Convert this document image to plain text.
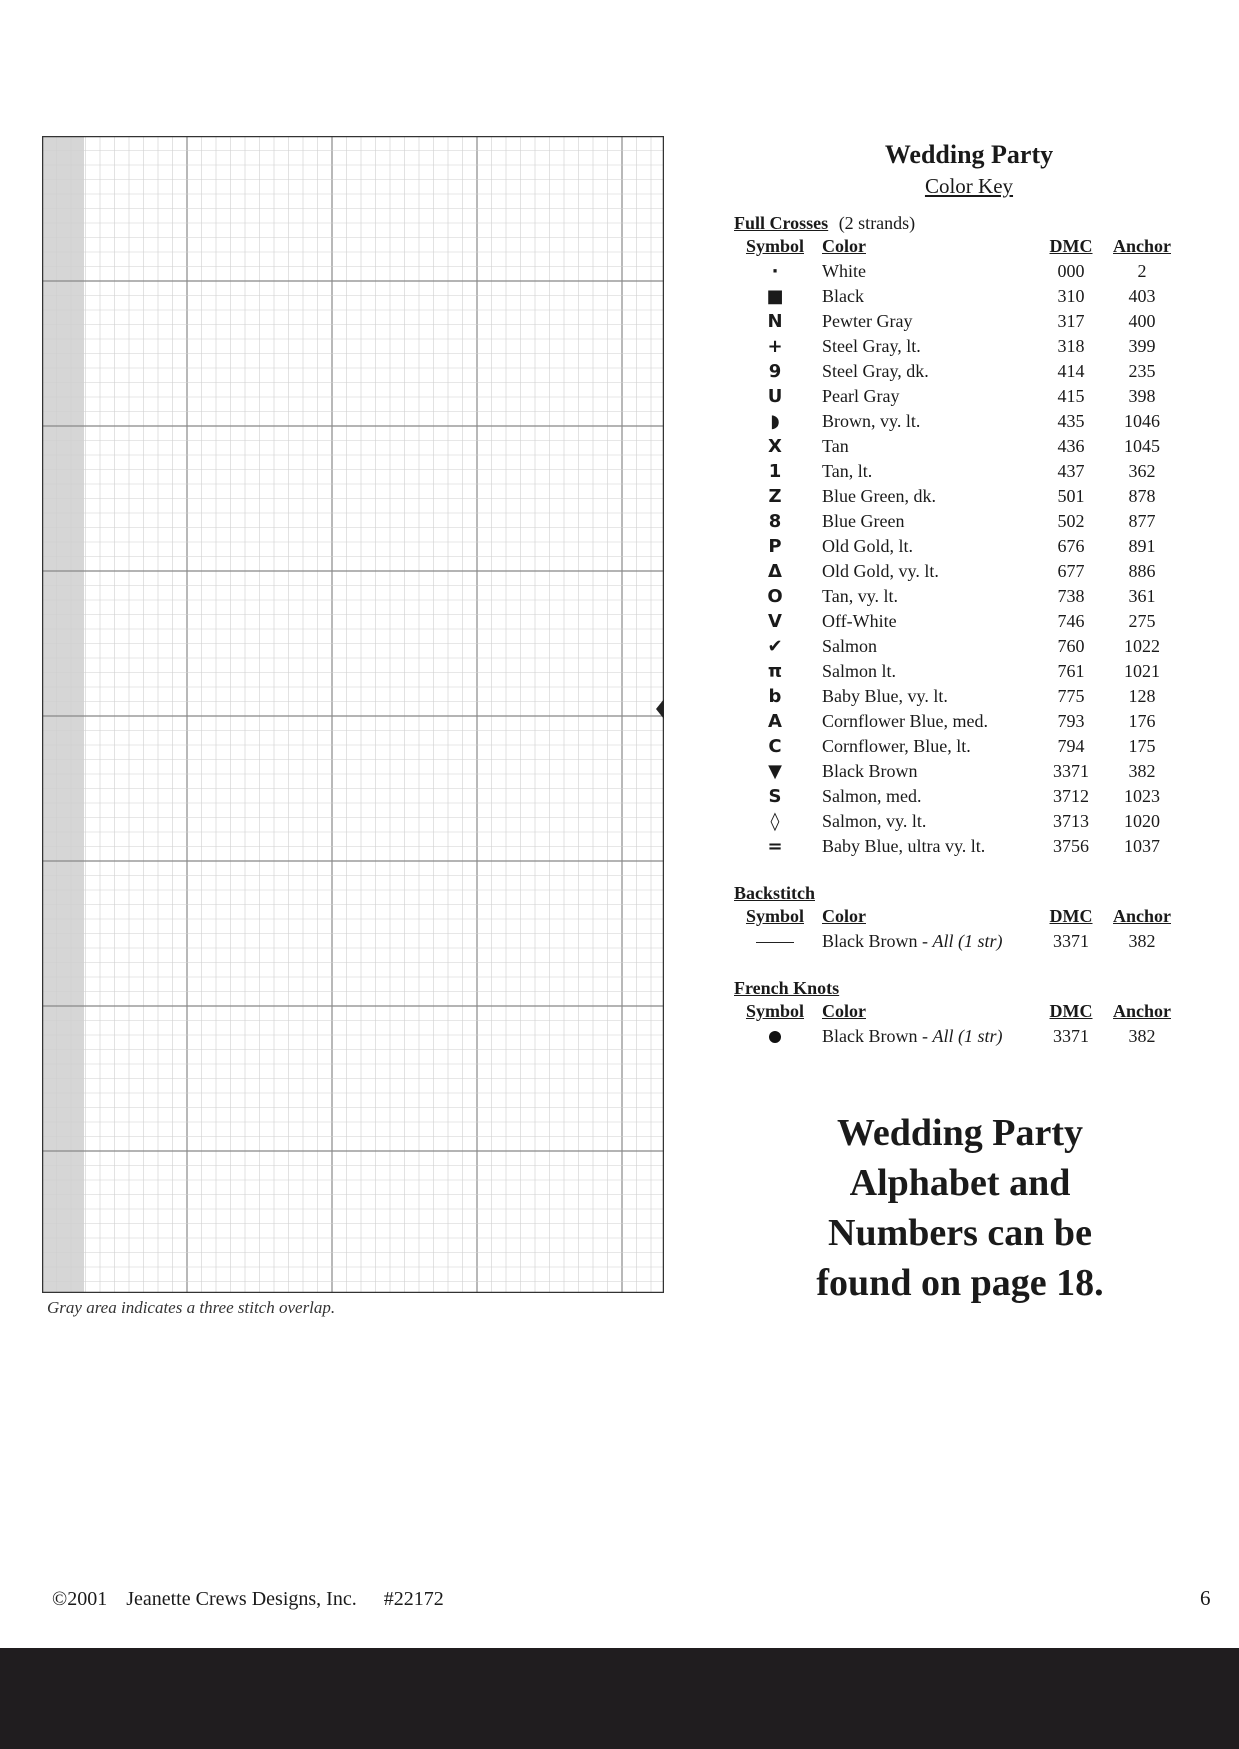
Gray area indicates a three stitch overlap.
Wedding Party
Color Key
Full Crosses (2 strands)
Symbol	Color	DMC	Anchor
·	White	000	2
■	Black	310	403
N	Pewter Gray	317	400
+	Steel Gray, lt.	318	399
9	Steel Gray, dk.	414	235
U	Pearl Gray	415	398
◗	Brown, vy. lt.	435	1046
X	Tan	436	1045
1	Tan, lt.	437	362
Z	Blue Green, dk.	501	878
8	Blue Green	502	877
P	Old Gold, lt.	676	891
Δ	Old Gold, vy. lt.	677	886
O	Tan, vy. lt.	738	361
V	Off-White	746	275
✔	Salmon	760	1022
π	Salmon lt.	761	1021
b	Baby Blue, vy. lt.	775	128
A	Cornflower Blue, med.	793	176
C	Cornflower, Blue, lt.	794	175
▼	Black Brown	3371	382
S	Salmon, med.	3712	1023
◊	Salmon, vy. lt.	3713	1020
=	Baby Blue, ultra vy. lt.	3756	1037
Backstitch
Symbol	Color	DMC	Anchor
	Black Brown - All (1 str)	3371	382
French Knots
Symbol	Color	DMC	Anchor
	Black Brown - All (1 str)	3371	382
Wedding Party
Alphabet and
Numbers can be
found on page 18.
©2001 Jeanette Crews Designs, Inc. #22172	6
